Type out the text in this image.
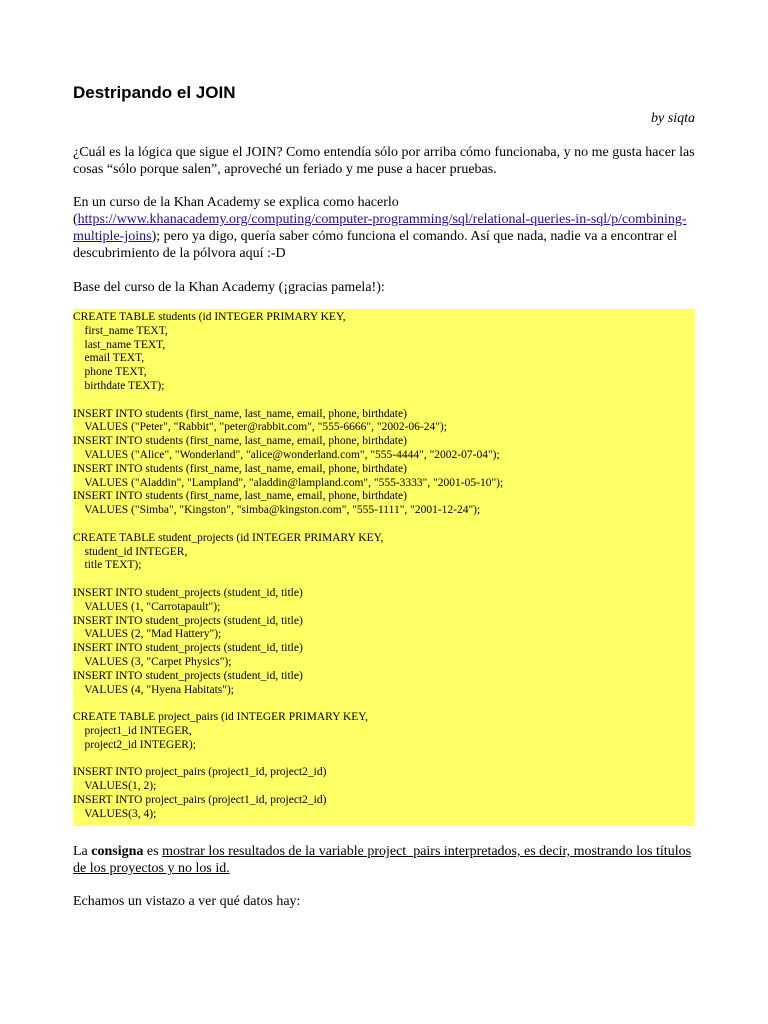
Destripando el JOIN
by siqta

¿Cuál es la lógica que sigue el JOIN? Como entendía sólo por arriba cómo funcionaba, y no me gusta hacer las cosas “sólo porque salen”, aproveché un feriado y me puse a hacer pruebas.

En un curso de la Khan Academy se explica como hacerlo (https://www.khanacademy.org/computing/computer-programming/sql/relational-queries-in-sql/p/combining-multiple-joins); pero ya digo, quería saber cómo funciona el comando. Así que nada, nadie va a encontrar el descubrimiento de la pólvora aquí :-D

Base del curso de la Khan Academy (¡gracias pamela!):

CREATE TABLE students (id INTEGER PRIMARY KEY,
first_name TEXT,
last_name TEXT,
email TEXT,
phone TEXT,
birthdate TEXT);

INSERT INTO students (first_name, last_name, email, phone, birthdate)
VALUES ("Peter", "Rabbit", "peter@rabbit.com", "555-6666", "2002-06-24");
INSERT INTO students (first_name, last_name, email, phone, birthdate)
VALUES ("Alice", "Wonderland", "alice@wonderland.com", "555-4444", "2002-07-04");
INSERT INTO students (first_name, last_name, email, phone, birthdate)
VALUES ("Aladdin", "Lampland", "aladdin@lampland.com", "555-3333", "2001-05-10");
INSERT INTO students (first_name, last_name, email, phone, birthdate)
VALUES ("Simba", "Kingston", "simba@kingston.com", "555-1111", "2001-12-24");

CREATE TABLE student_projects (id INTEGER PRIMARY KEY,
student_id INTEGER,
title TEXT);

INSERT INTO student_projects (student_id, title)
VALUES (1, "Carrotapault");
INSERT INTO student_projects (student_id, title)
VALUES (2, "Mad Hattery");
INSERT INTO student_projects (student_id, title)
VALUES (3, "Carpet Physics");
INSERT INTO student_projects (student_id, title)
VALUES (4, "Hyena Habitats");

CREATE TABLE project_pairs (id INTEGER PRIMARY KEY,
project1_id INTEGER,
project2_id INTEGER);

INSERT INTO project_pairs (project1_id, project2_id)
VALUES(1, 2);
INSERT INTO project_pairs (project1_id, project2_id)
VALUES(3, 4);

La consigna es mostrar los resultados de la variable project_pairs interpretados, es decir, mostrando los títulos de los proyectos y no los id.

Echamos un vistazo a ver qué datos hay:
